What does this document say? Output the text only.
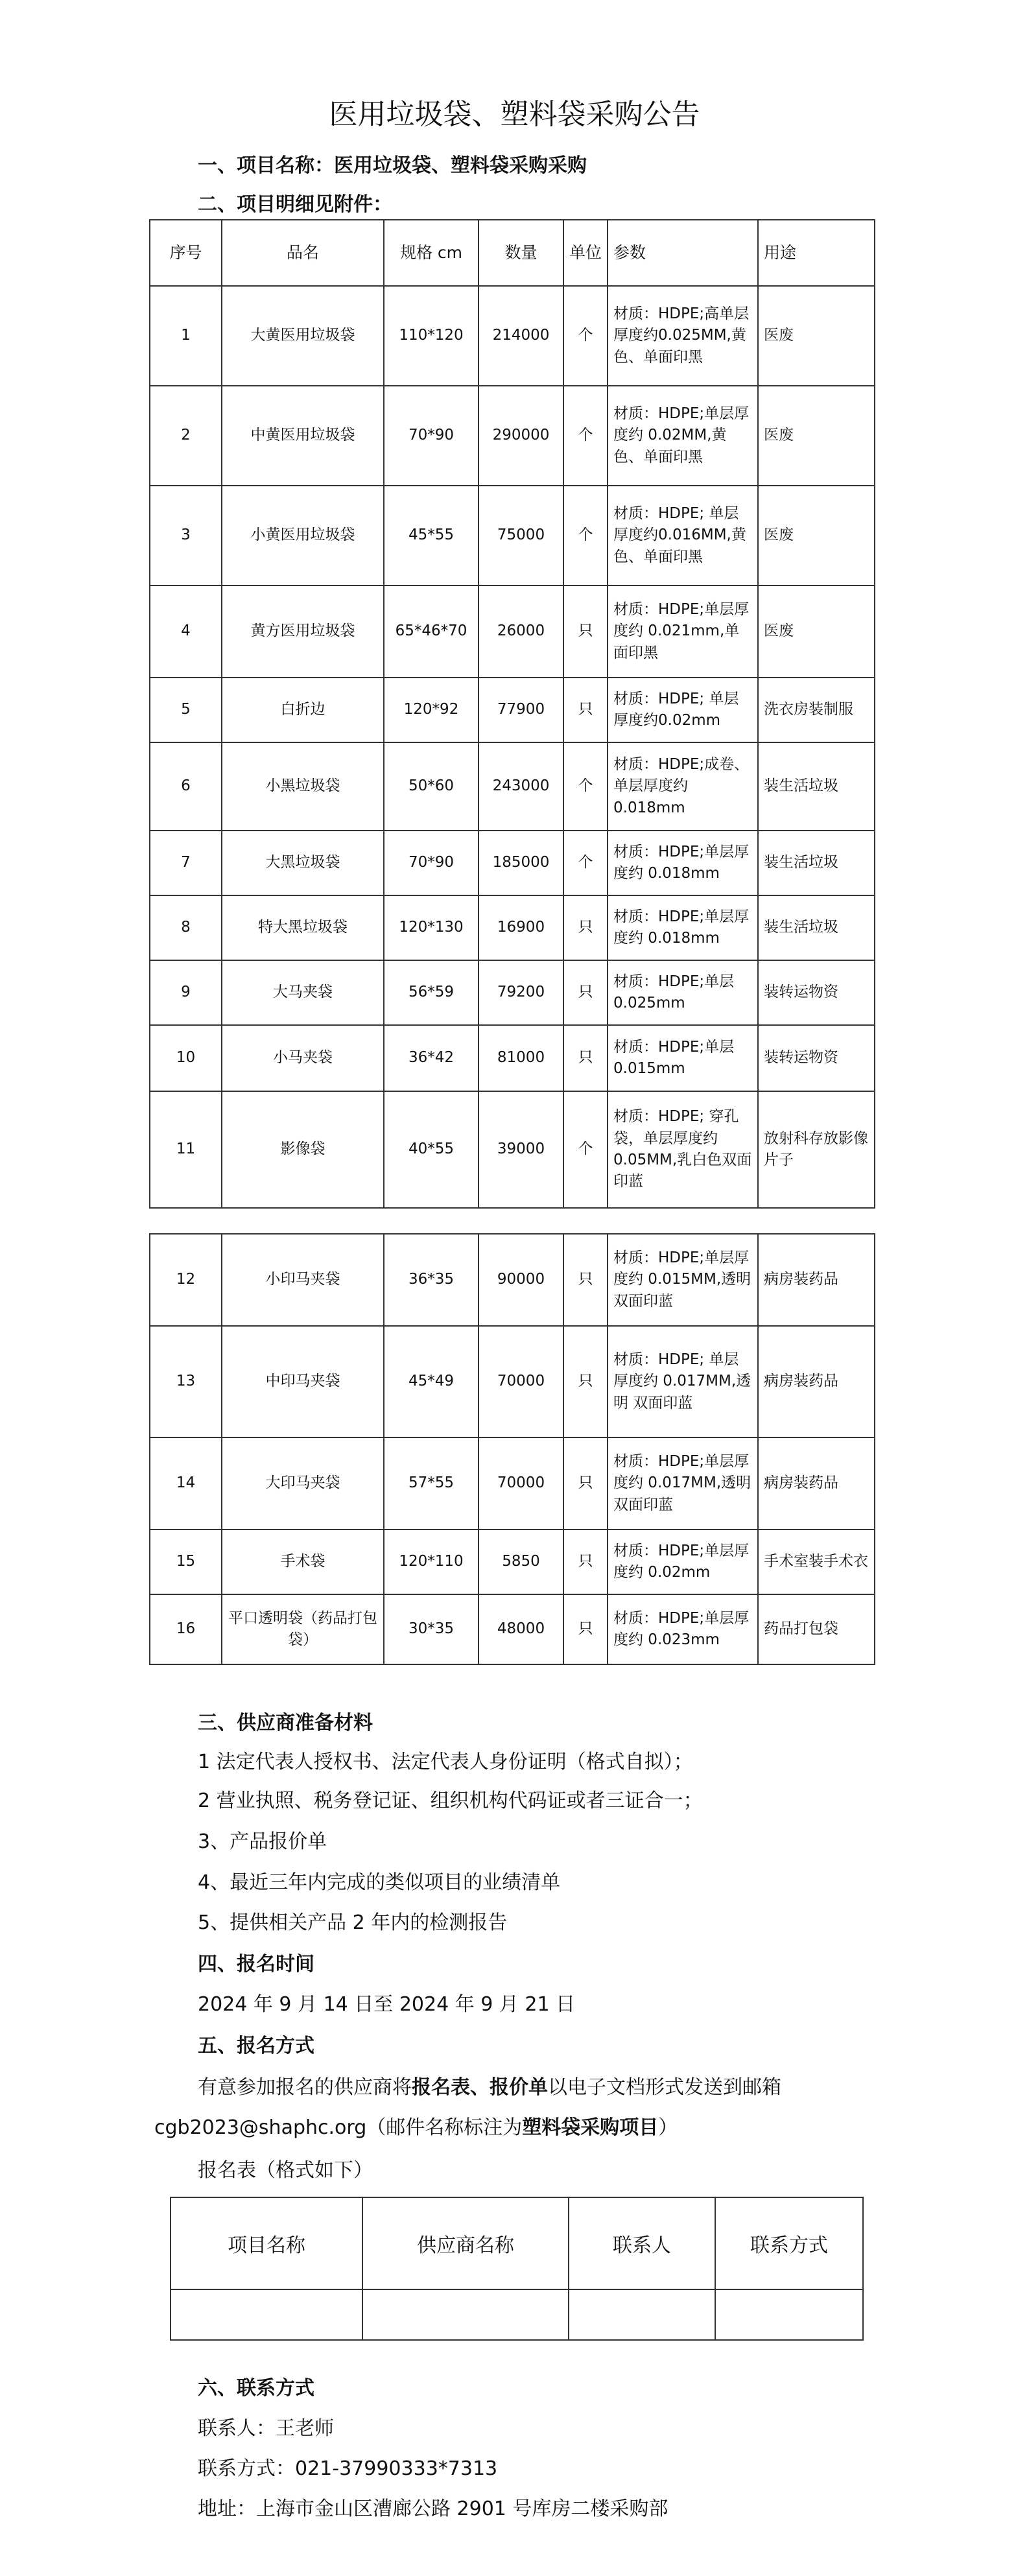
医用垃圾袋、塑料袋采购公告
一、项目名称：医用垃圾袋、塑料袋采购采购
二、项目明细见附件：
序号	品名	规格 cm	数量	单位	参数	用途
1	大黄医用垃圾袋	110*120	214000	个	材质：HDPE;高单层厚度约0.025MM,黄色、单面印黑	医废
2	中黄医用垃圾袋	70*90	290000	个	材质：HDPE;单层厚度约 0.02MM,黄色、单面印黑	医废
3	小黄医用垃圾袋	45*55	75000	个	材质：HDPE; 单层厚度约0.016MM,黄色、单面印黑	医废
4	黄方医用垃圾袋	65*46*70	26000	只	材质：HDPE;单层厚度约 0.021mm,单面印黑	医废
5	白折边	120*92	77900	只	材质：HDPE; 单层厚度约0.02mm	洗衣房装制服
6	小黑垃圾袋	50*60	243000	个	材质：HDPE;成卷、 单层厚度约 0.018mm	装生活垃圾
7	大黑垃圾袋	70*90	185000	个	材质：HDPE;单层厚度约 0.018mm	装生活垃圾
8	特大黑垃圾袋	120*130	16900	只	材质：HDPE;单层厚度约 0.018mm	装生活垃圾
9	大马夹袋	56*59	79200	只	材质：HDPE;单层0.025mm	装转运物资
10	小马夹袋	36*42	81000	只	材质：HDPE;单层0.015mm	装转运物资
11	影像袋	40*55	39000	个	材质：HDPE; 穿孔袋，单层厚度约0.05MM,乳白色双面印蓝	放射科存放影像片子
12	小印马夹袋	36*35	90000	只	材质：HDPE;单层厚度约 0.015MM,透明 双面印蓝	病房装药品
13	中印马夹袋	45*49	70000	只	材质：HDPE; 单层 厚度约 0.017MM,透明 双面印蓝	病房装药品
14	大印马夹袋	57*55	70000	只	材质：HDPE;单层厚度约 0.017MM,透明 双面印蓝	病房装药品
15	手术袋	120*110	5850	只	材质：HDPE;单层厚度约 0.02mm	手术室装手术衣
16	平口透明袋（药品打包袋）	30*35	48000	只	材质：HDPE;单层厚度约 0.023mm	药品打包袋
三、供应商准备材料
1 法定代表人授权书、法定代表人身份证明（格式自拟）；
2 营业执照、税务登记证、组织机构代码证或者三证合一；
3、产品报价单
4、最近三年内完成的类似项目的业绩清单
5、提供相关产品 2 年内的检测报告
四、报名时间
2024 年 9 月 14 日至 2024 年 9 月 21 日
五、报名方式
有意参加报名的供应商将报名表、报价单以电子文档形式发送到邮箱
cgb2023@shaphc.org（邮件名称标注为塑料袋采购项目）
报名表（格式如下）
项目名称	供应商名称	联系人	联系方式

六、联系方式
联系人：王老师
联系方式：021-37990333*7313
地址：上海市金山区漕廊公路 2901 号库房二楼采购部
